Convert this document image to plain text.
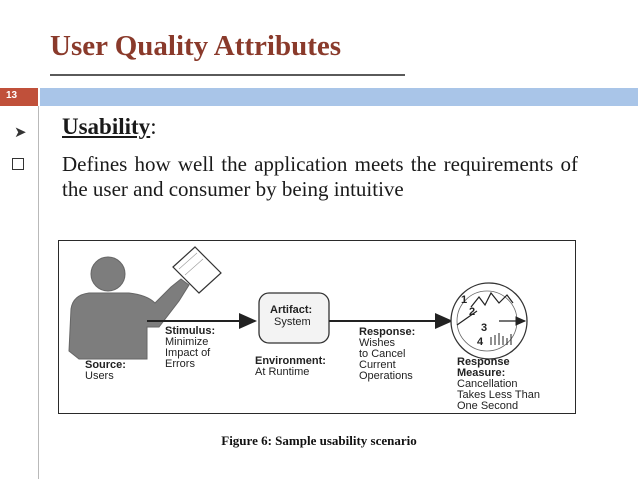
User Quality Attributes
13
➤ Usability:
Defines how well the application meets the requirements of the user and consumer by being intuitive
Source:
Users
Stimulus:
Minimize
Impact of
Errors
Artifact:
System
Environment:
At Runtime
Response:
Wishes
to Cancel
Current
Operations
1
2
3
4
Response
Measure:
Cancellation
Takes Less Than
One Second
Figure 6: Sample usability scenario
